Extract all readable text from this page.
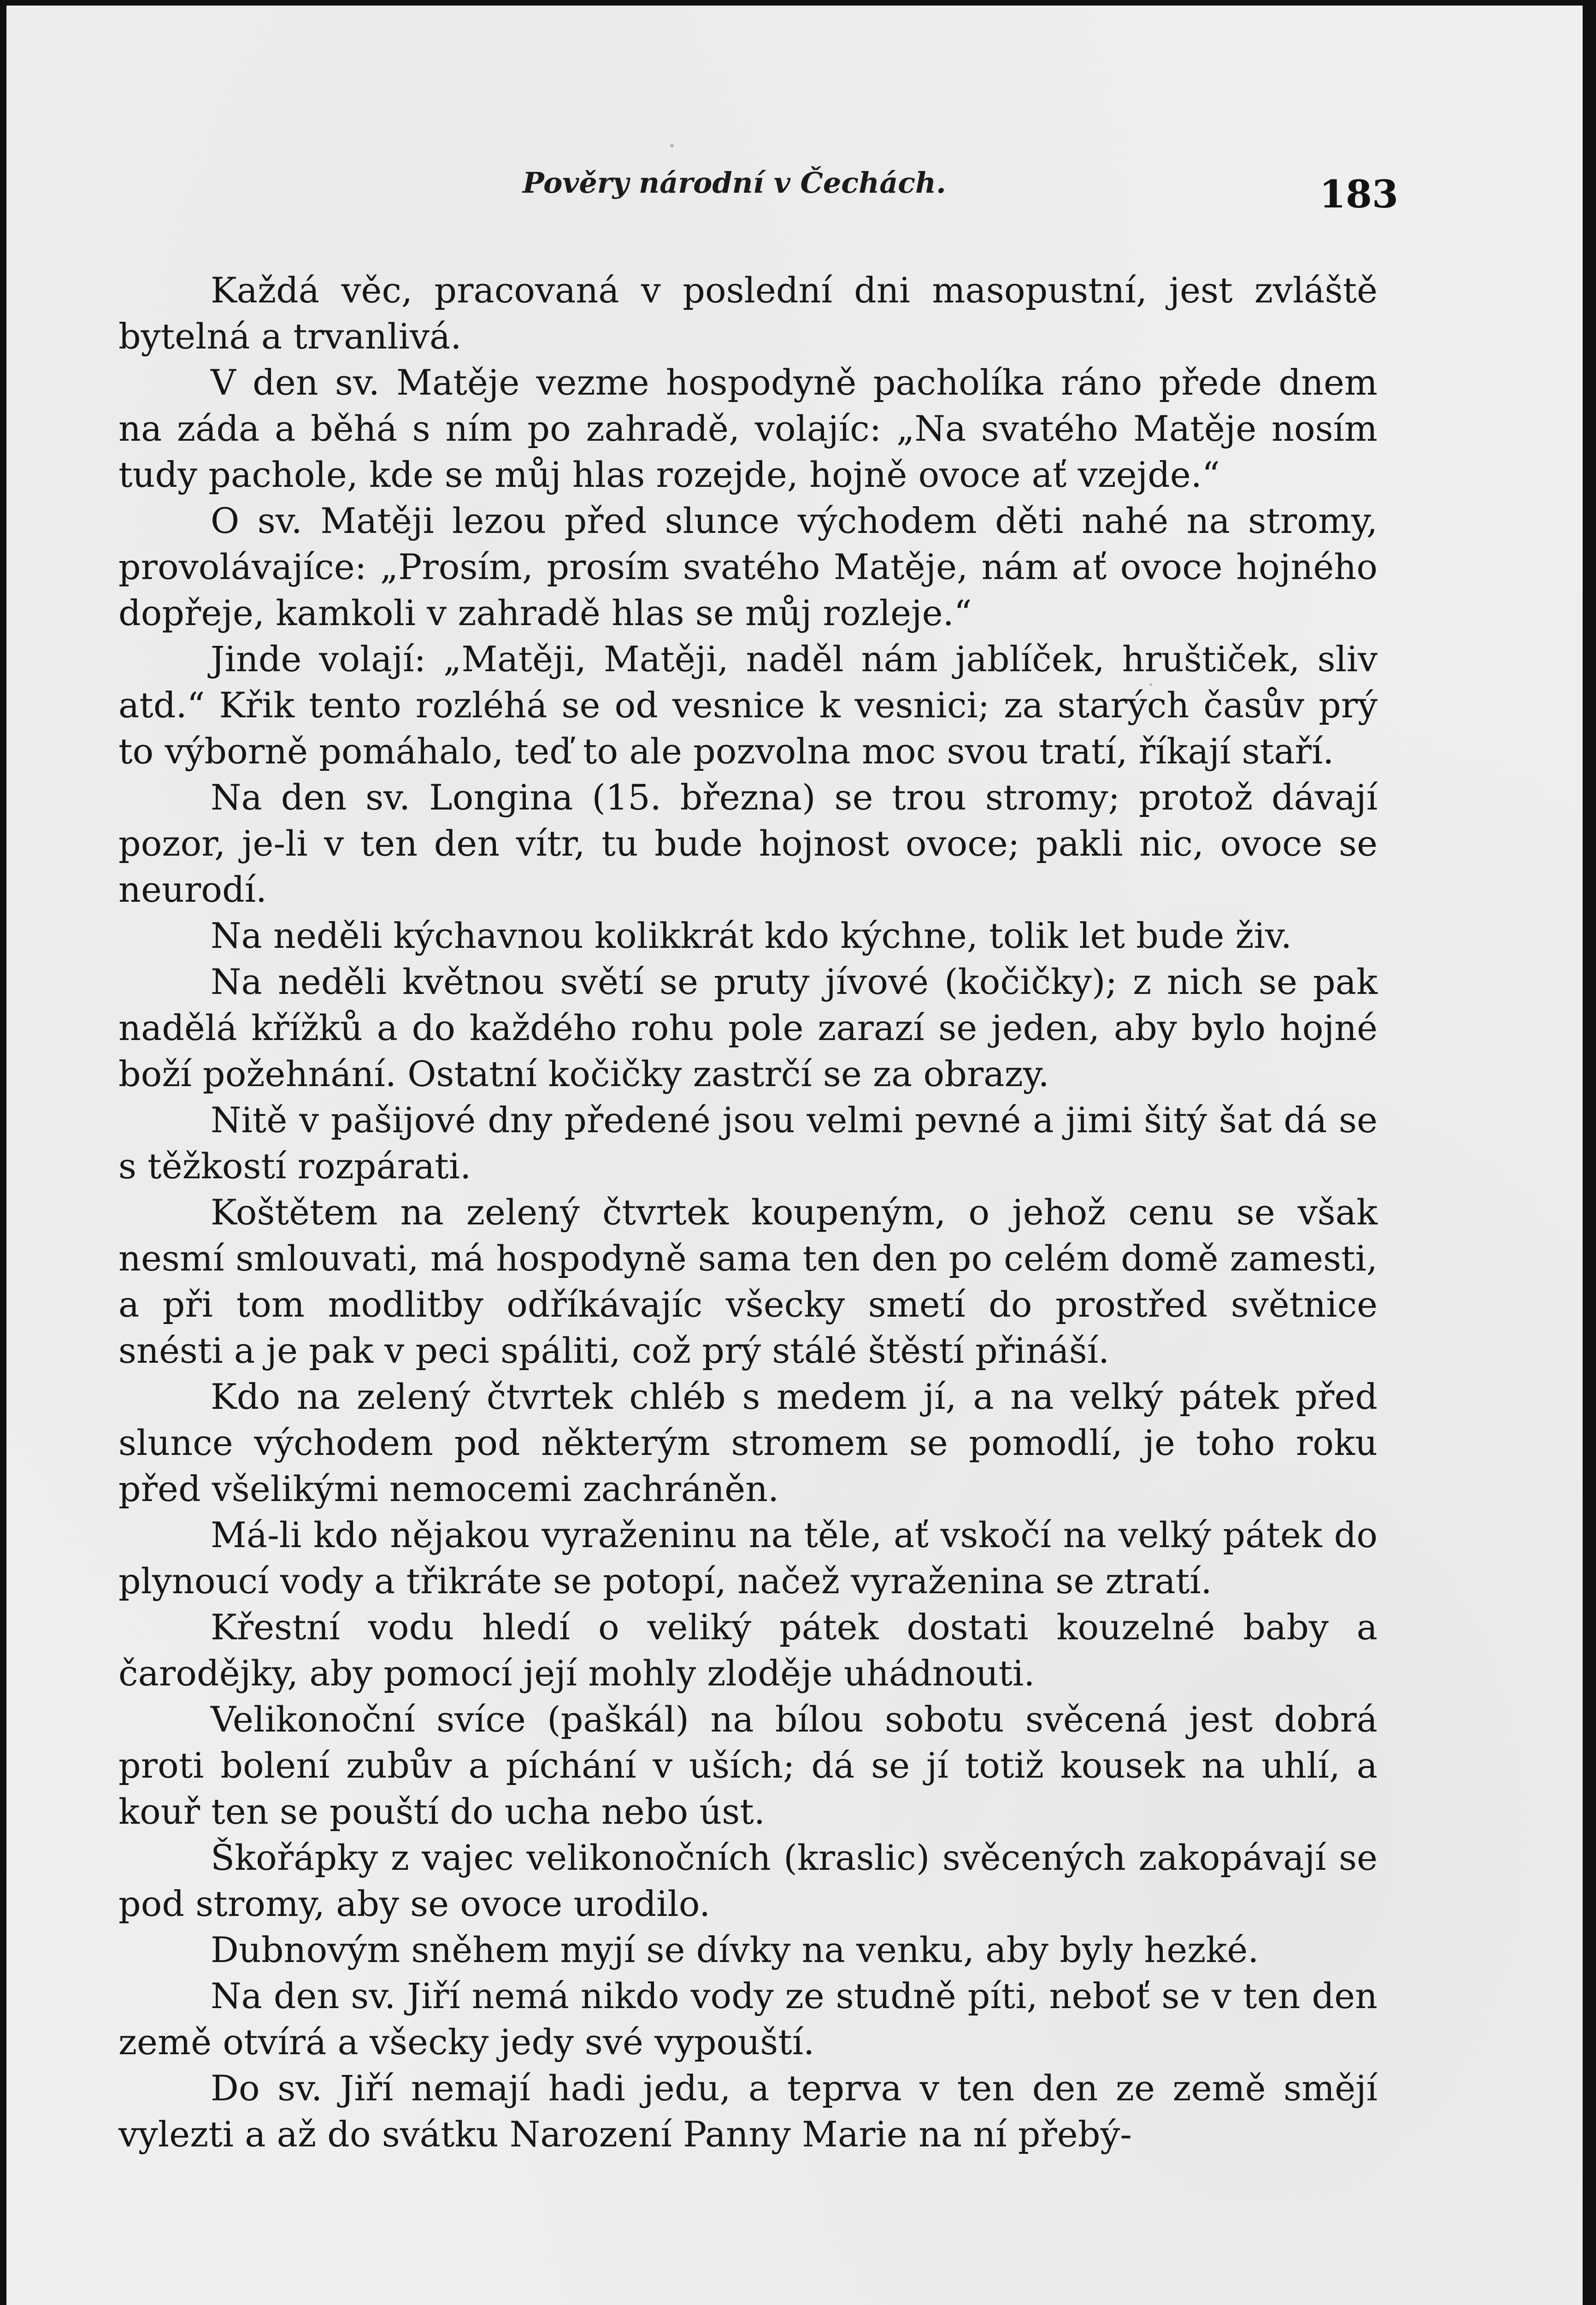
Pověry národní v Čechách.	183

Každá věc, pracovaná v poslední dni masopustní, jest zvláště bytelná a trvanlivá.

V den sv. Matěje vezme hospodyně pacholíka ráno přede dnem na záda a běhá s ním po zahradě, volajíc: „Na svatého Matěje nosím tudy pachole, kde se můj hlas rozejde, hojně ovoce ať vzejde.“

O sv. Matěji lezou před slunce východem děti nahé na stromy, provolávajíce: „Prosím, prosím svatého Matěje, nám ať ovoce hojného dopřeje, kamkoli v zahradě hlas se můj rozleje.“

Jinde volají: „Matěji, Matěji, naděl nám jablíček, hruštiček, sliv atd.“ Křik tento rozléhá se od vesnice k vesnici; za starých časův prý to výborně pomáhalo, teď to ale pozvolna moc svou tratí, říkají staří.

Na den sv. Longina (15. března) se trou stromy; protož dávají pozor, je-li v ten den vítr, tu bude hojnost ovoce; pakli nic, ovoce se neurodí.

Na neděli kýchavnou kolikkrát kdo kýchne, tolik let bude živ.

Na neděli květnou světí se pruty jívové (kočičky); z nich se pak nadělá křížků a do každého rohu pole zarazí se jeden, aby bylo hojné boží požehnání. Ostatní kočičky zastrčí se za obrazy.

Nitě v pašijové dny předené jsou velmi pevné a jimi šitý šat dá se s těžkostí rozpárati.

Koštětem na zelený čtvrtek koupeným, o jehož cenu se však nesmí smlouvati, má hospodyně sama ten den po celém domě zamesti, a při tom modlitby odříkávajíc všecky smetí do prostřed světnice snésti a je pak v peci spáliti, což prý stálé štěstí přináší.

Kdo na zelený čtvrtek chléb s medem jí, a na velký pátek před slunce východem pod některým stromem se pomodlí, je toho roku před všelikými nemocemi zachráněn.

Má-li kdo nějakou vyraženinu na těle, ať vskočí na velký pátek do plynoucí vody a třikráte se potopí, načež vyraženina se ztratí.

Křestní vodu hledí o veliký pátek dostati kouzelné baby a čarodějky, aby pomocí její mohly zloděje uhádnouti.

Velikonoční svíce (paškál) na bílou sobotu svěcená jest dobrá proti bolení zubův a píchání v uších; dá se jí totiž kousek na uhlí, a kouř ten se pouští do ucha nebo úst.

Škořápky z vajec velikonočních (kraslic) svěcených zakopávají se pod stromy, aby se ovoce urodilo.

Dubnovým sněhem myjí se dívky na venku, aby byly hezké.

Na den sv. Jiří nemá nikdo vody ze studně píti, neboť se v ten den země otvírá a všecky jedy své vypouští.

Do sv. Jiří nemají hadi jedu, a teprva v ten den ze země smějí vylezti a až do svátku Narození Panny Marie na ní přebý-
